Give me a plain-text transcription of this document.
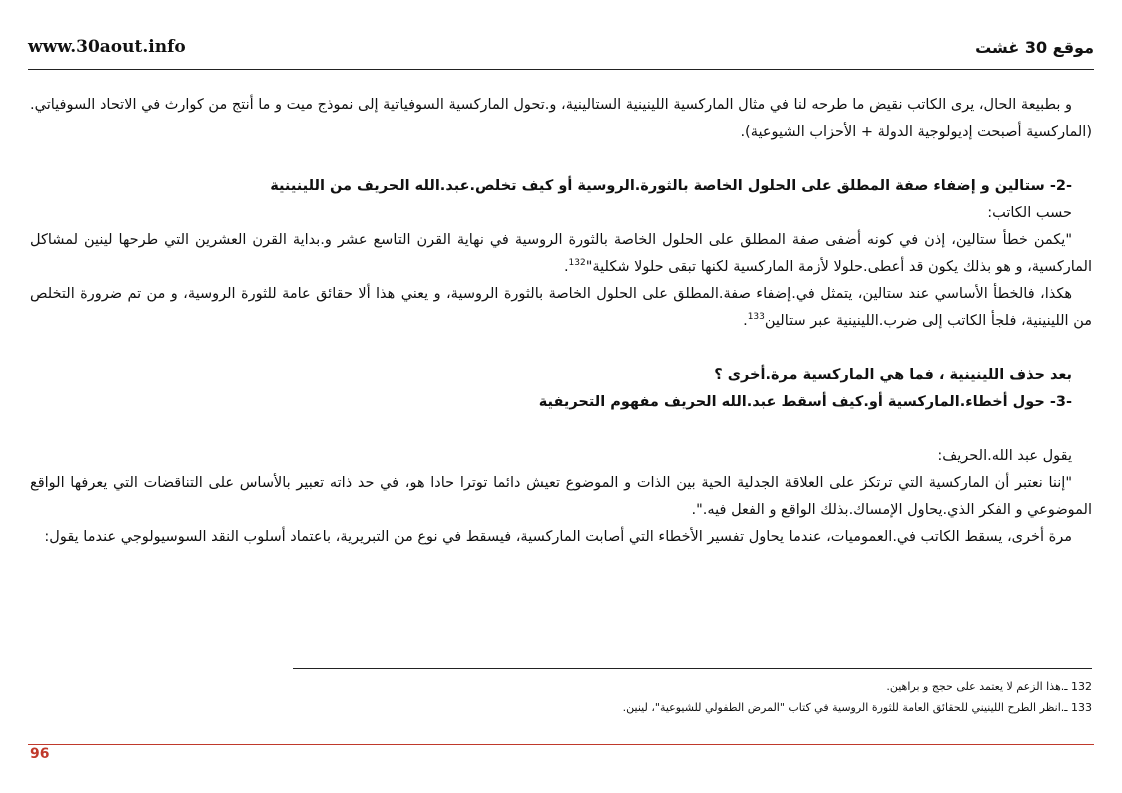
www.30aout.info	موقع 30 غشت

و بطبيعة الحال، يرى الكاتب نقيض ما طرحه لنا في مثال الماركسية اللينينية الستالينية، و.تحول الماركسية السوفياتية إلى نموذج ميت و ما أنتج من كوارث في الاتحاد السوفياتي.(الماركسية أصبحت إديولوجية الدولة + الأحزاب الشيوعية).

-2- ستالين و إضفاء صفة المطلق على الحلول الخاصة بالثورة.الروسية أو كيف تخلص.عبد.الله الحريف من اللينينية

حسب الكاتب:

"يكمن خطأ ستالين، إذن في كونه أضفى صفة المطلق على الحلول الخاصة بالثورة الروسية في نهاية القرن التاسع عشر و.بداية القرن العشرين التي طرحها لينين لمشاكل الماركسية، و هو بذلك يكون قد أعطى.حلولا لأزمة الماركسية لكنها تبقى حلولا شكلية"$^{132}$.

هكذا، فالخطأ الأساسي عند ستالين، يتمثل في.إضفاء صفة.المطلق على الحلول الخاصة بالثورة الروسية، و يعني هذا ألا حقائق عامة للثورة الروسية، و من تم ضرورة التخلص من اللينينية، فلجأ الكاتب إلى ضرب.اللينينية عبر ستالين$^{133}$.

بعد حذف اللينينية ، فما هي الماركسية مرة.أخرى ؟

-3- حول أخطاء.الماركسية أو.كيف أسقط عبد.الله الحريف مفهوم التحريفية

يقول عبد الله.الحريف:

"إننا نعتبر أن الماركسية التي ترتكز على العلاقة الجدلية الحية بين الذات و الموضوع تعيش دائما توترا حادا هو، في حد ذاته تعبير بالأساس على التناقضات التي يعرفها الواقع الموضوعي و الفكر الذي.يحاول الإمساك.بذلك الواقع و الفعل فيه.".

مرة أخرى، يسقط الكاتب في.العموميات، عندما يحاول تفسير الأخطاء التي أصابت الماركسية، فيسقط في نوع من التبريرية، باعتماد أسلوب النقد السوسيولوجي عندما يقول:

132 ـ.هذا الزعم لا يعتمد على حجج و براهين.

133 ـ.انظر الطرح اللينيني للحقائق العامة للثورة الروسية في كتاب "المرض الطفولي للشيوعية"، لينين.

96
